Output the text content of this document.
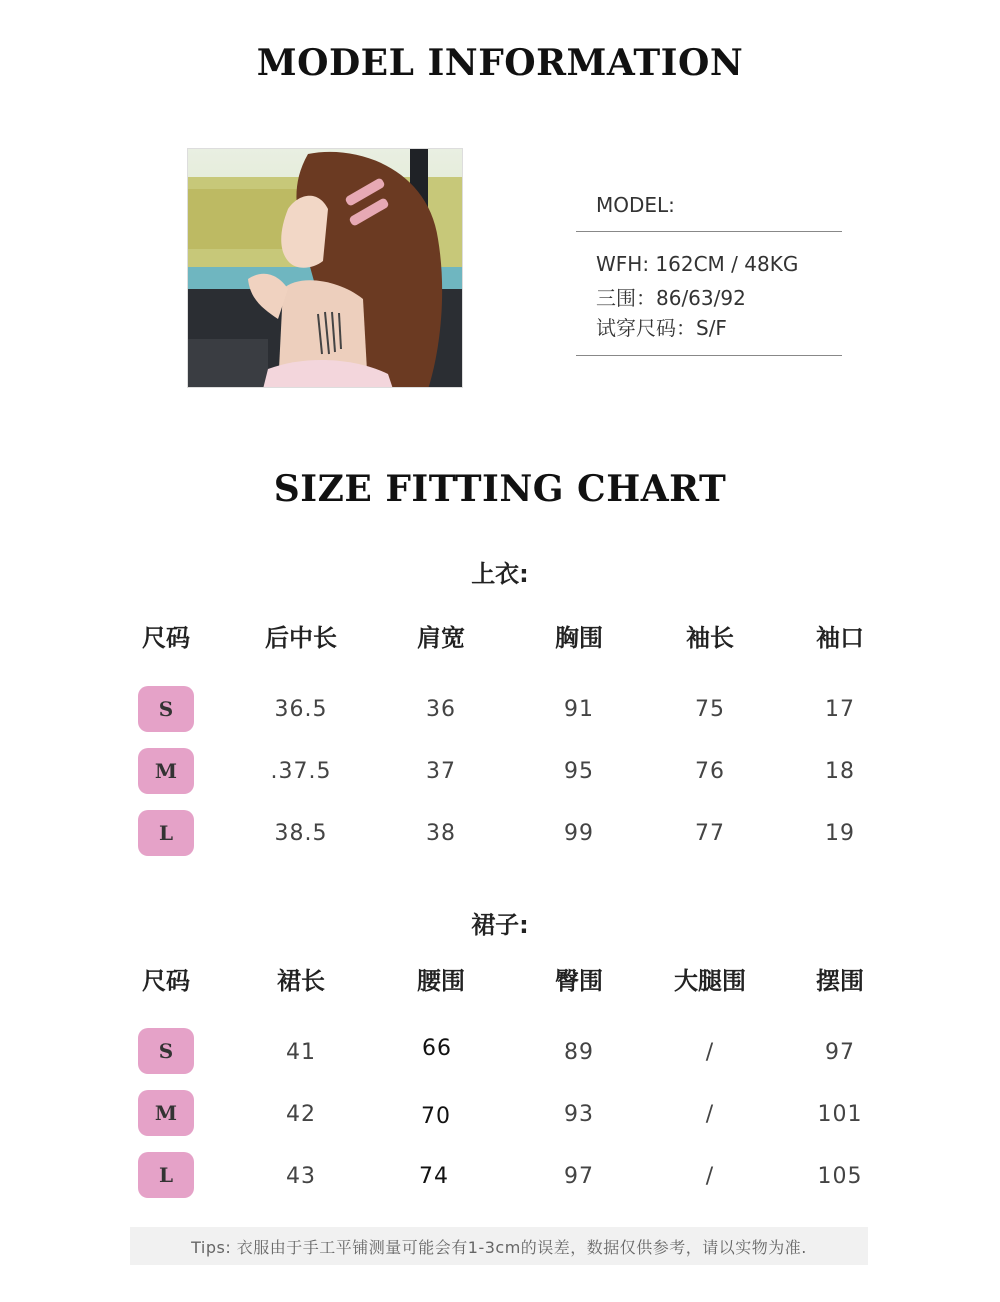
MODEL INFORMATION
MODEL:
WFH: 162CM / 48KG
三围：86/63/92
试穿尺码：S/F
SIZE FITTING CHART
上衣:
尺码	后中长	肩宽	胸围	袖长	袖口
S	36.5	36	91	75	17
M	.37.5	37	95	76	18
L	38.5	38	99	77	19
裙子:
尺码	裙长	腰围	臀围	大腿围	摆围
S	41	66	89	/	97
M	42	70	93	/	101
L	43	74	97	/	105
Tips: 衣服由于手工平铺测量可能会有1-3cm的误差，数据仅供参考，请以实物为准.
